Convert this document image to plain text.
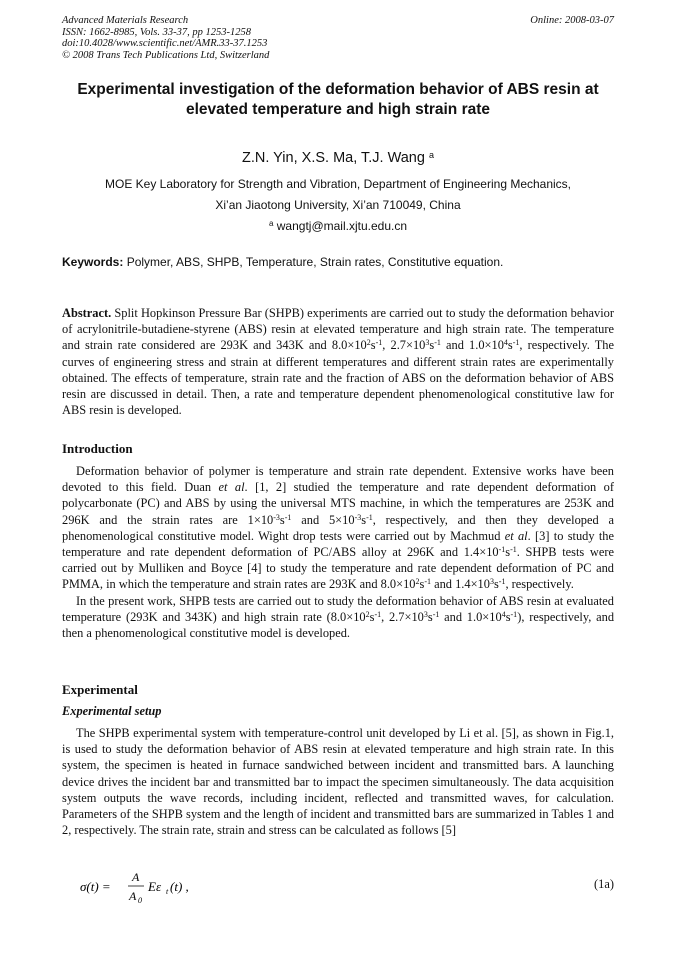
Advanced Materials Research
ISSN: 1662-8985, Vols. 33-37, pp 1253-1258
doi:10.4028/www.scientific.net/AMR.33-37.1253
© 2008 Trans Tech Publications Ltd, Switzerland
Online: 2008-03-07
Experimental investigation of the deformation behavior of ABS resin at
elevated temperature and high strain rate
Z.N. Yin, X.S. Ma, T.J. Wang $^a$
MOE Key Laboratory for Strength and Vibration, Department of Engineering Mechanics,
Xi’an Jiaotong University, Xi’an 710049, China
$^a$ wangtj@mail.xjtu.edu.cn
Keywords: Polymer, ABS, SHPB, Temperature, Strain rates, Constitutive equation.

Abstract. Split Hopkinson Pressure Bar (SHPB) experiments are carried out to study the deformation behavior of acrylonitrile-butadiene-styrene (ABS) resin at elevated temperature and high strain rate. The temperature and strain rate considered are 293K and 343K and $8.0\times 10^2s^{-1}$, $2.7\times 10^3s^{-1}$ and $1.0\times 10^4s^{-1}$, respectively. The curves of engineering stress and strain at different temperatures and different strain rates are experimentally obtained. The effects of temperature, strain rate and the fraction of ABS on the deformation behavior of ABS resin are discussed in detail. Then, a rate and temperature dependent phenomenological constitutive law for ABS resin is developed.

Introduction

Deformation behavior of polymer is temperature and strain rate dependent. Extensive works have been devoted to this field. Duan et al. [1, 2] studied the temperature and rate dependent deformation of polycarbonate (PC) and ABS by using the universal MTS machine, in which the temperatures are 253K and 296K and the strain rates are $1\times 10^{-3}s^{-1}$ and $5\times 10^{-3}s^{-1}$, respectively, and then they developed a phenomenological constitutive model. Wight drop tests were carried out by Machmud et al. [3] to study the temperature and rate dependent deformation of PC/ABS alloy at 296K and $1.4\times 10^{-1}s^{-1}$. SHPB tests were carried out by Mulliken and Boyce [4] to study the temperature and rate dependent deformation of PC and PMMA, in which the temperature and strain rates are 293K and $8.0\times 10^2s^{-1}$ and $1.4\times 10^3s^{-1}$, respectively.

In the present work, SHPB tests are carried out to study the deformation behavior of ABS resin at evaluated temperature (293K and 343K) and high strain rate ($8.0\times 10^2s^{-1}$, $2.7\times 10^3s^{-1}$ and $1.0\times 10^4s^{-1}$), respectively, and then a phenomenological constitutive model is developed.

Experimental
Experimental setup

The SHPB experimental system with temperature-control unit developed by Li et al. [5], as shown in Fig.1, is used to study the deformation behavior of ABS resin at elevated temperature and high strain rate. In this system, the specimen is heated in furnace sandwiched between incident and transmitted bars. A launching device drives the incident bar and transmitted bar to impact the specimen simultaneously. The data acquisition system outputs the wave records, including incident, reflected and transmitted waves, for calculation. Parameters of the SHPB system and the length of incident and transmitted bars are summarized in Tables 1 and 2, respectively. The strain rate, strain and stress can be calculated as follows [5]

σ(t) =
A
A 0
Eε t (t) ,	(1a)
